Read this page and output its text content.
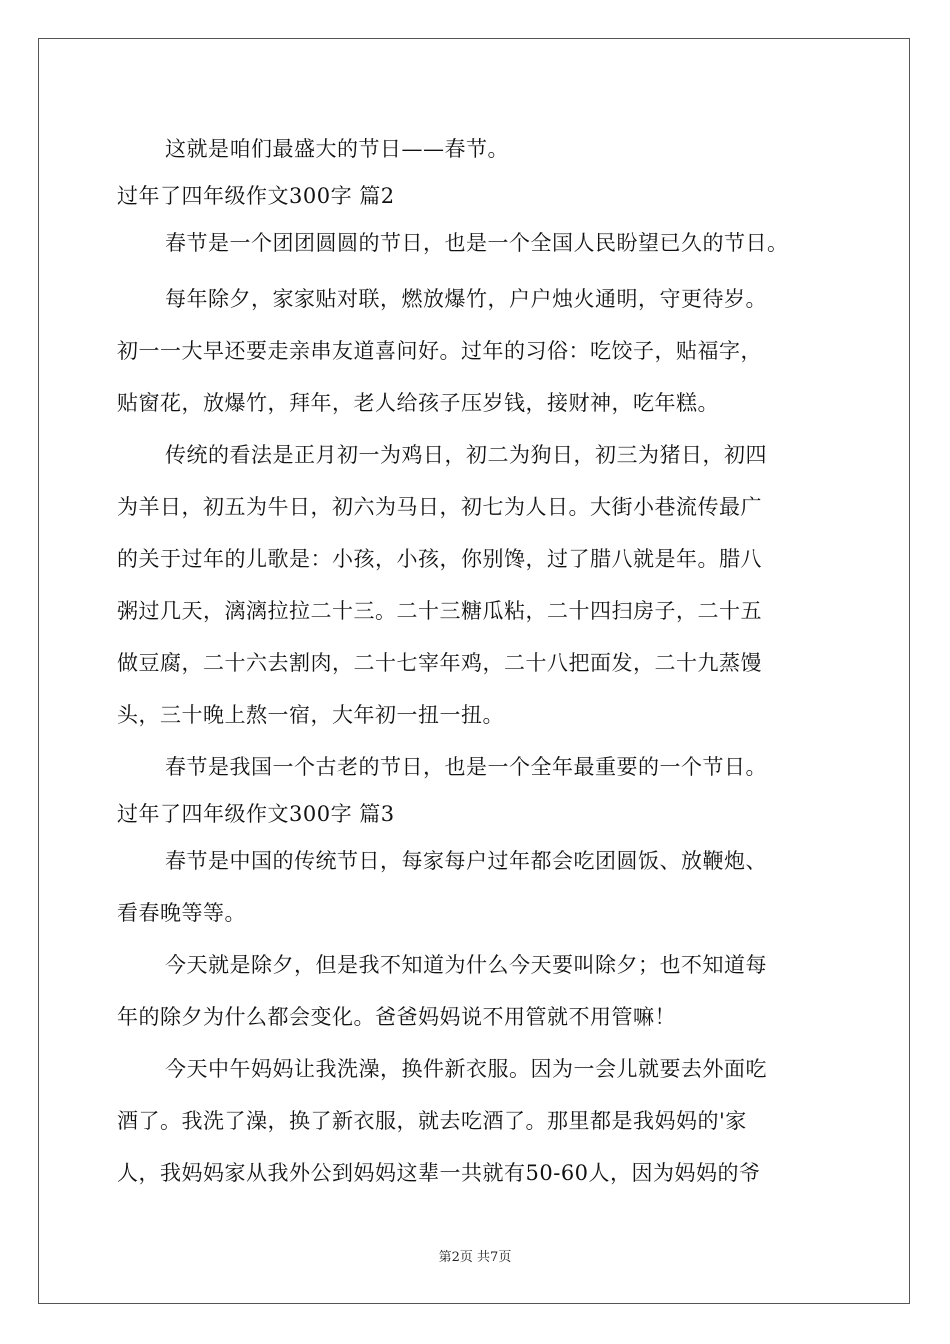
这就是咱们最盛大的节日——春节。
过年了四年级作文300字 篇2
春节是一个团团圆圆的节日，也是一个全国人民盼望已久的节日。
每年除夕，家家贴对联，燃放爆竹，户户烛火通明，守更待岁。
初一一大早还要走亲串友道喜问好。过年的习俗：吃饺子，贴福字，
贴窗花，放爆竹，拜年，老人给孩子压岁钱，接财神，吃年糕。
传统的看法是正月初一为鸡日，初二为狗日，初三为猪日，初四
为羊日，初五为牛日，初六为马日，初七为人日。大街小巷流传最广
的关于过年的儿歌是：小孩，小孩，你别馋，过了腊八就是年。腊八
粥过几天，漓漓拉拉二十三。二十三糖瓜粘，二十四扫房子，二十五
做豆腐，二十六去割肉，二十七宰年鸡，二十八把面发，二十九蒸馒
头，三十晚上熬一宿，大年初一扭一扭。
春节是我国一个古老的节日，也是一个全年最重要的一个节日。
过年了四年级作文300字 篇3
春节是中国的传统节日，每家每户过年都会吃团圆饭、放鞭炮、
看春晚等等。
今天就是除夕，但是我不知道为什么今天要叫除夕；也不知道每
年的除夕为什么都会变化。爸爸妈妈说不用管就不用管嘛！
今天中午妈妈让我洗澡，换件新衣服。因为一会儿就要去外面吃
酒了。我洗了澡，换了新衣服，就去吃酒了。那里都是我妈妈的'家
人，我妈妈家从我外公到妈妈这辈一共就有50-60人，因为妈妈的爷
第2页 共7页
